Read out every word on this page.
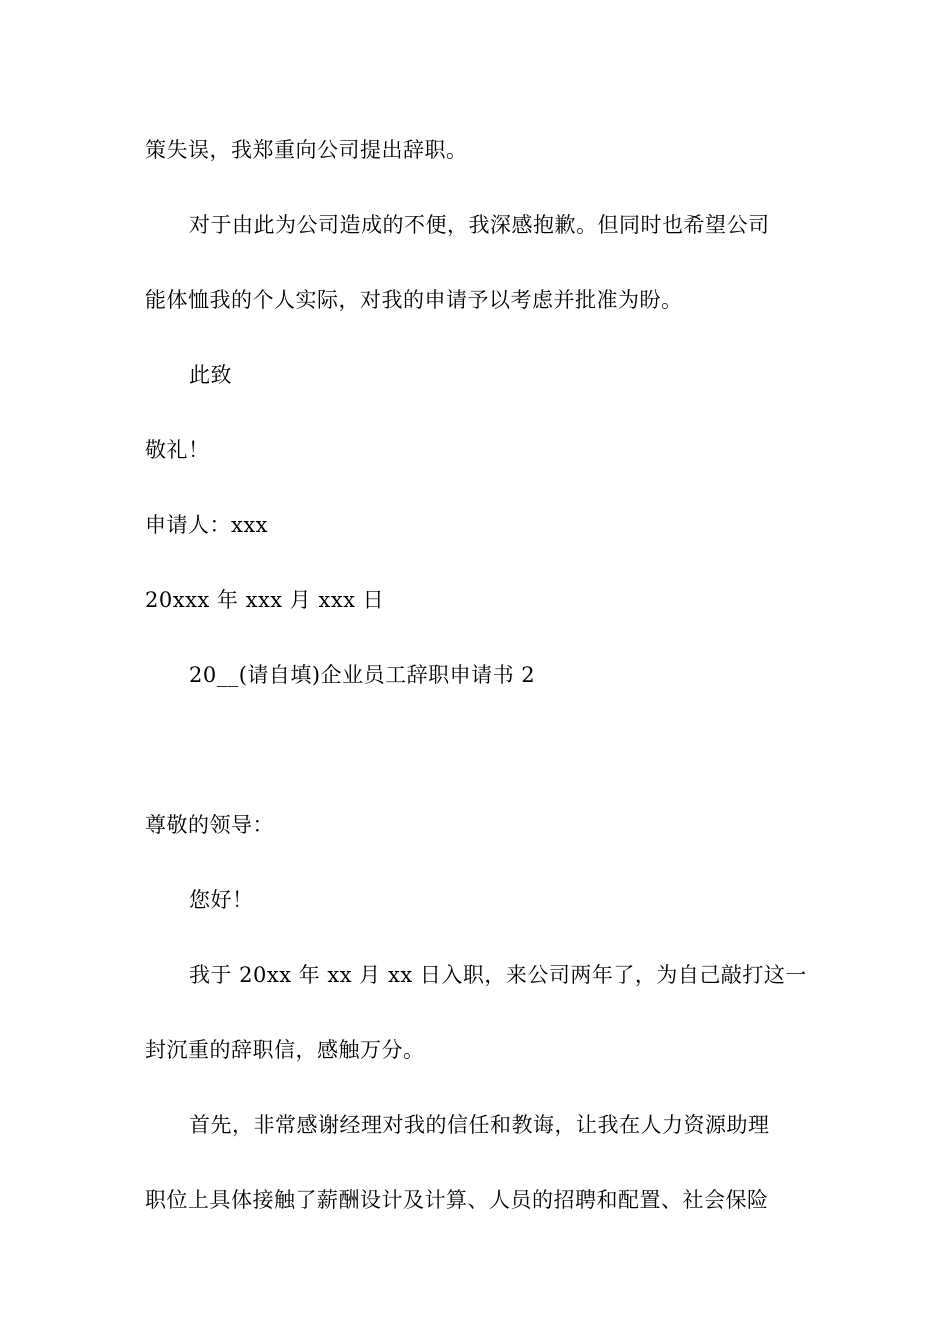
策失误，我郑重向公司提出辞职。
对于由此为公司造成的不便，我深感抱歉。但同时也希望公司
能体恤我的个人实际，对我的申请予以考虑并批准为盼。
此致
敬礼！
申请人：xxx
20xxx 年 xxx 月 xxx 日
20__(请自填)企业员工辞职申请书 2
尊敬的领导：
您好！
我于 20xx 年 xx 月 xx 日入职，来公司两年了，为自己敲打这一
封沉重的辞职信，感触万分。
首先，非常感谢经理对我的信任和教诲，让我在人力资源助理
职位上具体接触了薪酬设计及计算、人员的招聘和配置、社会保险
